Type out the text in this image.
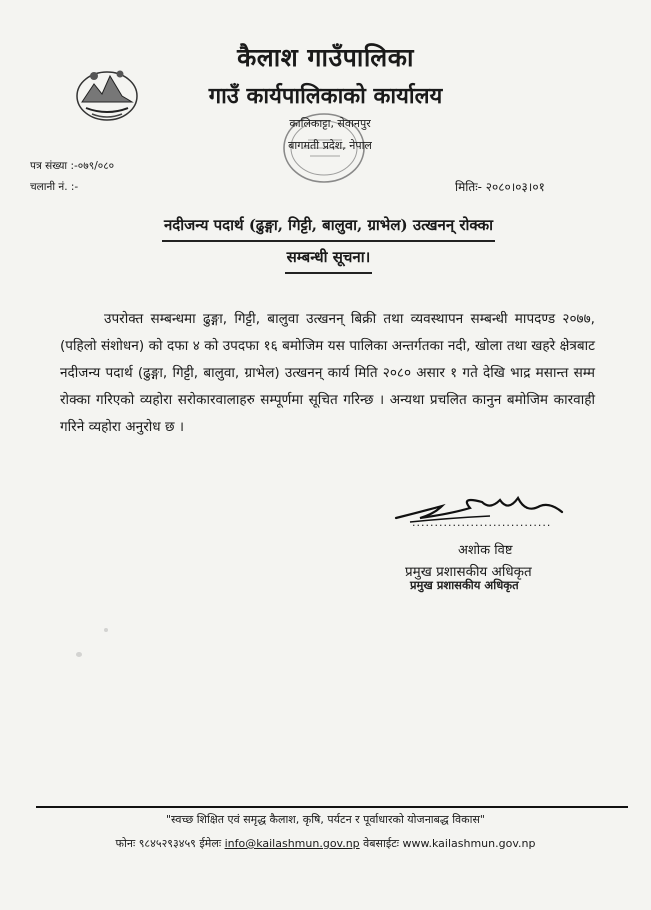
कैलाश गाउँपालिका
गाउँ कार्यपालिकाको कार्यालय
कालिकाट्टा, सेवानपुर
बागमती प्रदेश, नेपाल
पत्र संख्या :-०७९/०८०
चलानी नं. :-	मितिः- २०८०।०३।०१
नदीजन्य पदार्थ (ढुङ्गा, गिट्टी, बालुवा, ग्राभेल) उत्खनन् रोक्का
सम्बन्धी सूचना।
उपरोक्त सम्बन्धमा ढुङ्गा, गिट्टी, बालुवा उत्खनन् बिक्री तथा व्यवस्थापन सम्बन्धी मापदण्ड २०७७, (पहिलो संशोधन) को दफा ४ को उपदफा १६ बमोजिम यस पालिका अन्तर्गतका नदी, खोला तथा खहरे क्षेत्रबाट नदीजन्य पदार्थ (ढुङ्गा, गिट्टी, बालुवा, ग्राभेल) उत्खनन् कार्य मिति २०८० असार १ गते देखि भाद्र मसान्त सम्म रोक्का गरिएको व्यहोरा सरोकारवालाहरु सम्पूर्णमा सूचित गरिन्छ । अन्यथा प्रचलित कानुन बमोजिम कारवाही गरिने व्यहोरा अनुरोध छ ।
...............................
अशोक विष्ट
प्रमुख प्रशासकीय अधिकृत
प्रमुख प्रशासकीय अधिकृत
"स्वच्छ शिक्षित एवं समृद्ध कैलाश, कृषि, पर्यटन र पूर्वाधारको योजनाबद्ध विकास"
फोनः ९८४५२९३४५९ ईमेलः info@kailashmun.gov.np वेबसाईटः www.kailashmun.gov.np
